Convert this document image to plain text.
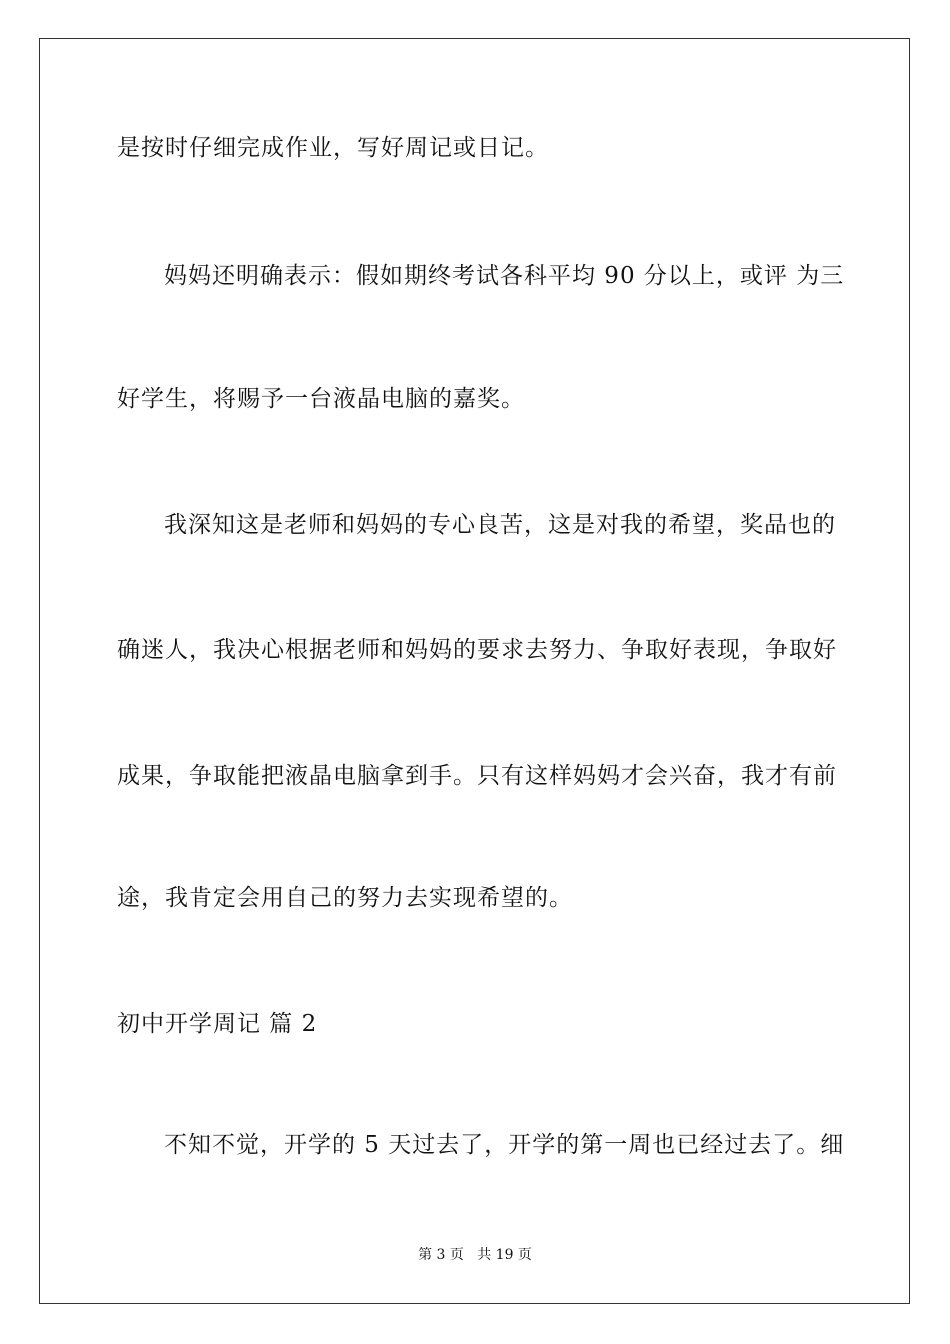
是按时仔细完成作业，写好周记或日记。
妈妈还明确表示：假如期终考试各科平均 90 分以上，或评 为三
好学生，将赐予一台液晶电脑的嘉奖。
我深知这是老师和妈妈的专心良苦，这是对我的希望，奖品也的
确迷人，我决心根据老师和妈妈的要求去努力、争取好表现，争取好
成果，争取能把液晶电脑拿到手。只有这样妈妈才会兴奋，我才有前
途，我肯定会用自己的努力去实现希望的。
初中开学周记 篇 2
不知不觉，开学的 5 天过去了，开学的第一周也已经过去了。细
第 3 页   共 19 页
